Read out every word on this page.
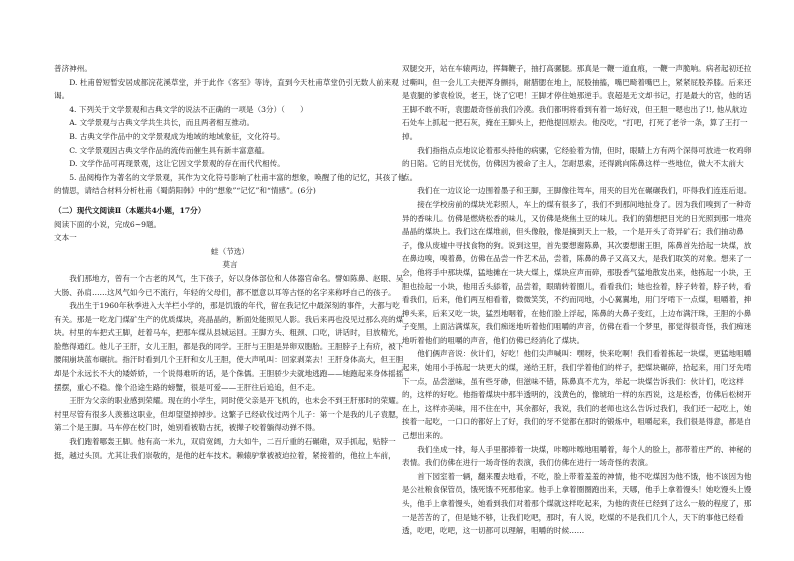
普济神州。

D. 杜甫曾短暂安居成都浣花溪草堂，并于此作《客至》等诗，直到今天杜甫草堂仍引无数人前来观谒。

4. 下列关于文学景观和古典文学的说法不正确的一项是（3分）（　　）

A. 文学景观与古典文学共生共长，而且两者相互推动。

B. 古典文学作品中的文学景观成为地域的地域象征，文化符号。

C. 文学景观因古典文学作品的流传而催生具有新丰富意蕴。

D. 文学作品可再现景观，这让它因文学景观的存在而代代相传。

5. 品阅梅作为著名的文学景观，其作为文化符号影响了杜甫丰富的想象，唤醒了他的记忆，其孩了他的情思，请结合材料分析杜甫《蜀荫阳韩》中的“想象”“记忆”和“情感”。(6分)

（二）现代文阅读Ⅱ（本题共4小题，17分）

阅读下面的小说，完成6~9题。

文本一

蛙（节选）

莫言

我们那地方，曾有一个古老的风气，生下孩子，好以身体部位和人体器官命名。譬如陈鼻、赵眼、吴大肠、孙肩……这风气如今已不流行，年轻的父母们，都不愿意以耳等古怪的名字来称呼自己的孩子。

我出生于1960年秋季进入大羊栏小学的，那是饥饿的年代，留在我记忆中最深刻的事件，大都与吃有关。那是一吃龙门煤矿生产的优质煤块，亮晶晶的，断面处能照见人影。我后来再也没见过那么亮的煤块。村里的车把式王脚，赶着马车，把那车煤从县城运回。王脚方头、粗颈、口吃，讲话时，目放精光，脸憋得通红。他儿子王肝，女儿王胆，都是我的同学。王肝与王胆是异卵双胞胎。王胆脖子上有疥，被下腰闹崩块蓝布碾抗。指汗时看到几个王肝和女儿王胆，使大声吼叫：回家剥菜去！王肝身体高大，但王胆却是个永远长不大的矮娇娇，一个说得难听的话，是个侏儒。王胆骄少夫就地逃跑——她跑起来身体摇摇摆摆，重心不稳。像个沿途生路的螃蟹，很是可爱——王肝往后追追，但不走。

王肝为父亲的职业感到荣耀。现在的小学生，同时使父亲是开飞机的，也未会不到王肝那时的荣耀。村里尽管有很多人羡慕这职业，但却望望掉掉步。这繁子已经砍伐过两个儿子：第一个是我的儿子袁腮，第二个是王脚。马车停在校门时，她别看被勒古抚，被撵子咬着躺得动弹不得。

我们跑着哪轰王脚。他有高一米九，双肩宽阔，力大如牛，二百斤重的石碾碓，双手抓起，贴脖一挺，越过头顶。尤其让我们崇敬的，是他的赶车技术。赖辕驴掌被被迫拉着，紧接着的，他拉上车前，

双腿交开，站在车辕两边，挥舞鞭子，抽打高骡腿。那真是一鞭一道血痕，一鞭一声脆响。病者起初还拉过嘶叫，但一会儿工夫便浑身颤抖，耐腊腮在地上，屁股抽搐，嘴巴畸着嘴巴上，紧紧屁股养膝。后来还是袁腿的爹袁检说，老王，饶了它吧！王脚才停住她那逆手。袁超是无文却书记，打是最大的官，他的话王脚不敢不听，袁腮最奇怪前我们冷漠。我们都明将看到有着一场好戏，但王胆一嗯也出了!!, 他从航边石处车上抓起一把石灰，掩在王脚头上，把他提回原去。他没吃，“打吧，打死了老爷一条，算了王打一掉。

我们指指点点地议论着那头持他的病骡，它经验着为情，但时，眼睛上方有两个深得可放进一枚鸡卵的日陷。它的目光忧伤，仿佛因为被命了主人，怎耐思索，还得跳向陈鼻这样一些地位，做大不太前大点。

我们在一边议论一边围着墨子和王脚，王脚像往驾车，用夹的目光在碾碾我们，吓得我们连连后退。

接在学校房前的煤块光彩照人，车上的煤有很多了，我们不到那间地扯身了。因为我们嗅到了一种奇异的香味儿。仿佛是燃烧松香的味儿，又仿佛是烧焦土豆的味儿。我们的猜想把目光的日光照到那一堆亮晶晶的煤块上。我们这在煤堆前，但头像般，像是摘到天上一般，一个是开头了奇异矿石；我们抽动鼻子，像从废墟中寻找食物的狗。说到这里，首先要想谢陈鼻，其次要想谢王胆，陈鼻首先拾起一块煤，放在鼻边嗅，嗅着鼻，仿佛在品尝一件艺术品，尝着，陈鼻的鼻子又高又大，是我们取笑的对象。想来了一会，他将手中那块煤，猛地摊在一块大煤上，煤块应声而碎，那股香气猛地散发出来，他拣起一小块，王胆也捡起一小块，他用舌头舔着，品尝着，眼睛转着圈儿，看看我们；她也捡着，脖子转着，脖子转，看看我们，后来，他们两互相看着，微微笑笑，不约而同地，小心翼翼地，用门牙啃下一点煤，咀嚼着，抻抻头来，后来又吃一块，猛烈地咽着，在他们脸上浮起，陈鼻的大鼻子变红，上边布满汗珠，王胆的小鼻子变黑，上面沾满煤灰，我们痴迷地听着他们咀嚼的声音，仿佛在看一个梦里，都觉得很奇怪，我们痴迷地听着他们的咀嚼的声音，他们仿佛已经消化了煤块。

他们俩声音说：伙计们，好吃！他们尖声喊叫：嘿呀，快来吃啊！我们看着拣起一块煤，更猛地咀嚼起来，她用小手拣起一块更大的煤，递给王肝，我们学着他们的样子，把煤块碾碎，拾起来，用门牙先啃下一点，品尝滋味，虽有些牙碜，但滋味不错，陈鼻真不尤为，举起一块煤告诉我们：伙计们，吃这样的，这样的好吃。他指着煤块中那半透明的，浅黄色的，像琥珀一样的东西说，这是松香，仿佛后松树开在上，这样亦美味，用不住在中，其余都好，我说，我们的老师也这么告诉过我们，我们还一起吃上，她挨着一起吃，一口口的都好上了好，我们的牙不觉都在那时的锻炼中，咀嚼起来，我们很是得意，都是自己想出来的。

我们坐成一排，每人手里都捧着一块煤，咔嚓咔嚓地咀嚼着，每个人的脸上，都带着庄严的、神秘的表情。我们仿佛在进行一场奇怪的表演，我们仿佛在进行一场奇怪的表演。

首下园室着一辆，翻来覆去地看，不吃，脸上带着羞羞的神情，他不吃煤因为他不饿，他不该因为他是公社粮食保管员，饿死饿不死那他家。他手上拿着圈圈跑出来，天哪，他手上拿着馒头！她吃馒头上馒头，他手上拿着馒头，她看到我们对着那个煤就这样吃起来，为他的责任已经到了这么一般的程度了，那一是苦苦的了，但是她不够，让我们吃吧，那时，有人说，吃煤的不是我们几个人，天下的事他已经看透，吃吧，吃吧，这一切都可以理解，咀嚼的时候……
